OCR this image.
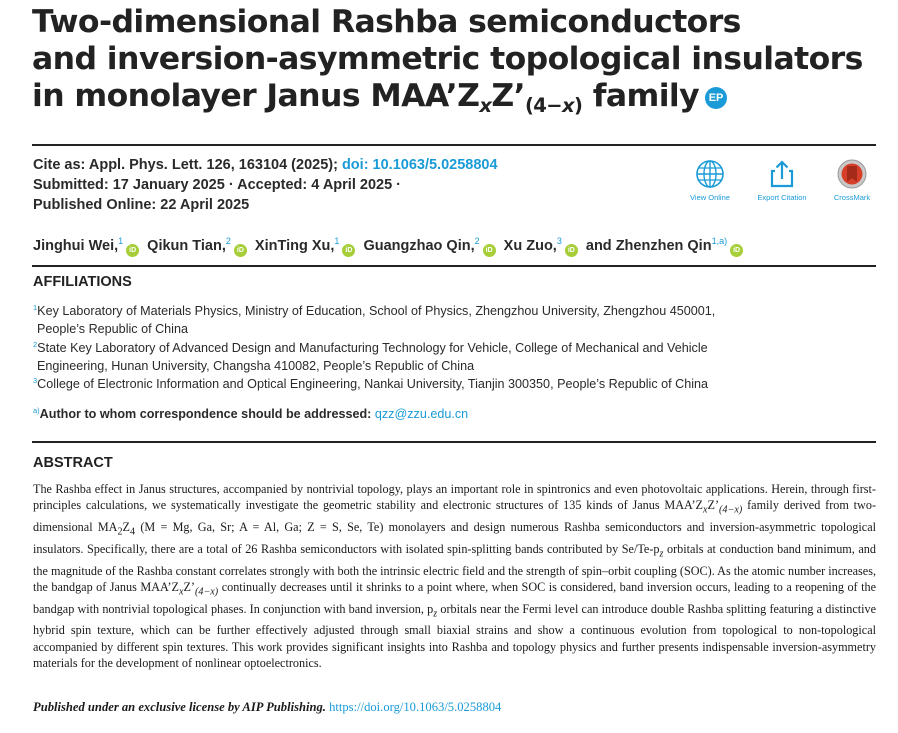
Two-dimensional Rashba semiconductors
and inversion-asymmetric topological insulators
in monolayer Janus $MAA’Z_xZ’_{(4-x)}$ family EP
Cite as: Appl. Phys. Lett. 126, 163104 (2025); doi: 10.1063/5.0258804
Submitted: 17 January 2025 · Accepted: 4 April 2025 ·
Published Online: 22 April 2025	View Online	Export Citation	CrossMark
Jinghui Wei,$^1$iD Qikun Tian,$^2$iD XinTing Xu,$^1$iD Guangzhao Qin,$^2$iD Xu Zuo,$^3$iD and Zhenzhen Qin$^{1,a)}$iD
AFFILIATIONS
$^1$Key Laboratory of Materials Physics, Ministry of Education, School of Physics, Zhengzhou University, Zhengzhou 450001,
People’s Republic of China
$^2$State Key Laboratory of Advanced Design and Manufacturing Technology for Vehicle, College of Mechanical and Vehicle
Engineering, Hunan University, Changsha 410082, People’s Republic of China
$^3$College of Electronic Information and Optical Engineering, Nankai University, Tianjin 300350, People’s Republic of China
$^{a)}$Author to whom correspondence should be addressed: qzz@zzu.edu.cn
ABSTRACT

The Rashba effect in Janus structures, accompanied by nontrivial topology, plays an important role in spintronics and even photovoltaic applications. Herein, through first-principles calculations, we systematically investigate the geometric stability and electronic structures of 135 kinds of Janus $MAA’Z_xZ’_{(4-x)}$ family derived from two-dimensional $MA_2Z_4$ (M = Mg, Ga, Sr; A = Al, Ga; Z = S, Se, Te) monolayers and design numerous Rashba semiconductors and inversion-asymmetric topological insulators. Specifically, there are a total of 26 Rashba semiconductors with isolated spin-splitting bands contributed by $Se/Te-p_z$ orbitals at conduction band minimum, and the magnitude of the Rashba constant correlates strongly with both the intrinsic electric field and the strength of spin–orbit coupling (SOC). As the atomic number increases, the bandgap of Janus $MAA’Z_xZ’_{(4-x)}$ continually decreases until it shrinks to a point where, when SOC is considered, band inversion occurs, leading to a reopening of the bandgap with nontrivial topological phases. In conjunction with band inversion, $p_z$ orbitals near the Fermi level can introduce double Rashba splitting featuring a distinctive hybrid spin texture, which can be further effectively adjusted through small biaxial strains and show a continuous evolution from topological to non-topological accompanied by different spin textures. This work provides significant insights into Rashba and topology physics and further presents indispensable inversion-asymmetry materials for the development of nonlinear optoelectronics.

Published under an exclusive license by AIP Publishing. https://doi.org/10.1063/5.0258804
